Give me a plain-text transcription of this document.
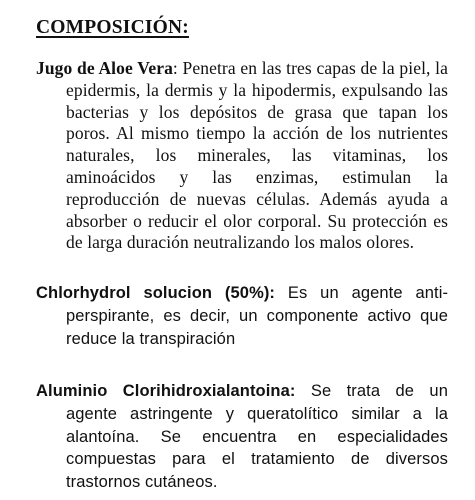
COMPOSICIÓN:

Jugo de Aloe Vera: Penetra en las tres capas de la piel, la epidermis, la dermis y la hipodermis, expulsando las bacterias y los depósitos de grasa que tapan los poros. Al mismo tiempo la acción de los nutrientes naturales, los minerales, las vitaminas, los aminoácidos y las enzimas, estimulan la reproducción de nuevas células. Además ayuda a absorber o reducir el olor corporal. Su protección es de larga duración neutralizando los malos olores.

Chlorhydrol solucion (50%): Es un agente antiperspirante, es decir, un componente activo que reduce la transpiración

Aluminio Clorihidroxialantoina: Se trata de un agente astringente y queratolítico similar a la alantoína. Se encuentra en especialidades compuestas para el tratamiento de diversos trastornos cutáneos.
